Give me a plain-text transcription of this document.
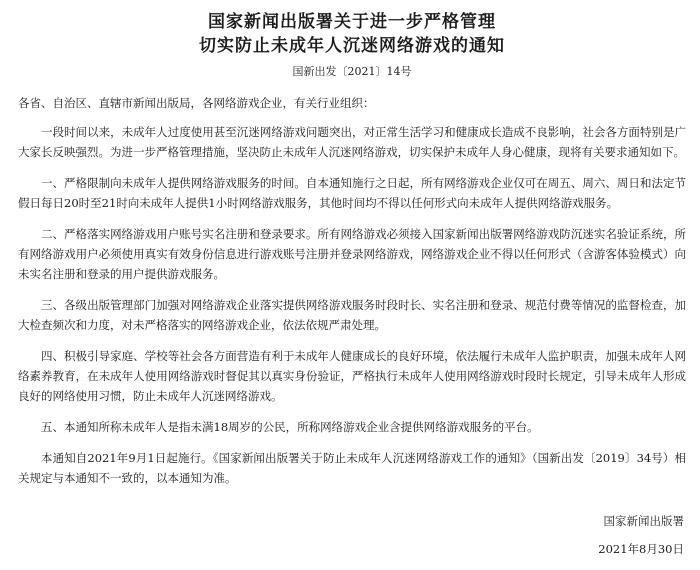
国家新闻出版署关于进一步严格管理
切实防止未成年人沉迷网络游戏的通知
国新出发〔2021〕14号
各省、自治区、直辖市新闻出版局，各网络游戏企业，有关行业组织：

一段时间以来，未成年人过度使用甚至沉迷网络游戏问题突出，对正常生活学习和健康成长造成不良影响，社会各方面特别是广大家长反映强烈。为进一步严格管理措施，坚决防止未成年人沉迷网络游戏，切实保护未成年人身心健康，现将有关要求通知如下。

一、严格限制向未成年人提供网络游戏服务的时间。自本通知施行之日起，所有网络游戏企业仅可在周五、周六、周日和法定节假日每日20时至21时向未成年人提供1小时网络游戏服务，其他时间均不得以任何形式向未成年人提供网络游戏服务。

二、严格落实网络游戏用户账号实名注册和登录要求。所有网络游戏必须接入国家新闻出版署网络游戏防沉迷实名验证系统，所有网络游戏用户必须使用真实有效身份信息进行游戏账号注册并登录网络游戏，网络游戏企业不得以任何形式（含游客体验模式）向未实名注册和登录的用户提供游戏服务。

三、各级出版管理部门加强对网络游戏企业落实提供网络游戏服务时段时长、实名注册和登录、规范付费等情况的监督检查，加大检查频次和力度，对未严格落实的网络游戏企业，依法依规严肃处理。

四、积极引导家庭、学校等社会各方面营造有利于未成年人健康成长的良好环境，依法履行未成年人监护职责，加强未成年人网络素养教育，在未成年人使用网络游戏时督促其以真实身份验证，严格执行未成年人使用网络游戏时段时长规定，引导未成年人形成良好的网络使用习惯，防止未成年人沉迷网络游戏。

五、本通知所称未成年人是指未满18周岁的公民，所称网络游戏企业含提供网络游戏服务的平台。

本通知自2021年9月1日起施行。《国家新闻出版署关于防止未成年人沉迷网络游戏工作的通知》（国新出发〔2019〕34号）相关规定与本通知不一致的，以本通知为准。

国家新闻出版署
2021年8月30日
